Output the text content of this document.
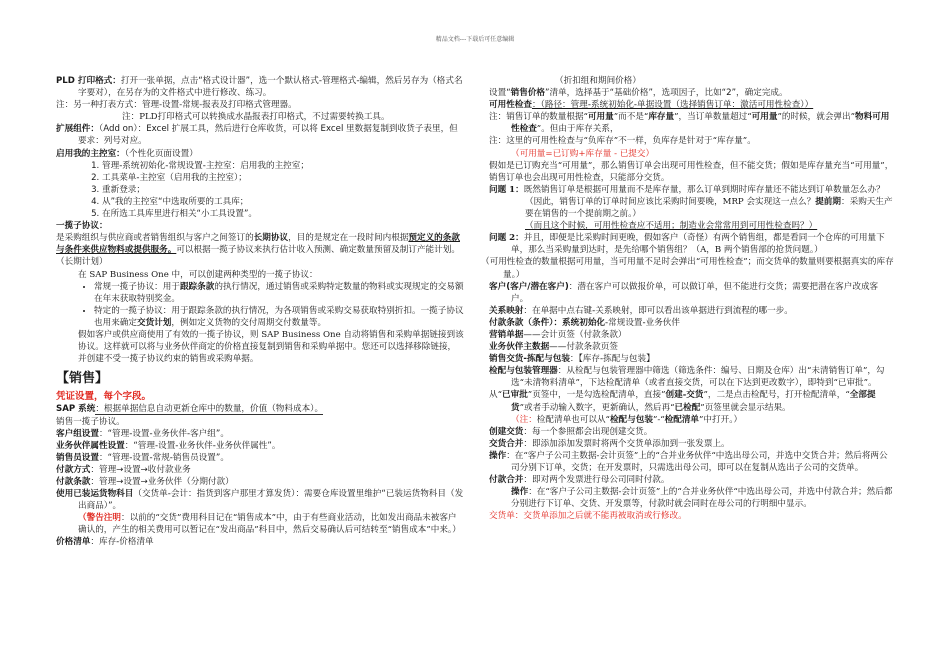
精品文档---下载后可任意编辑

PLD 打印格式：打开一张单据，点击“格式设计器”，选一个默认格式-管理格式-编辑，然后另存为（格式名字要对），在另存为的文件格式中进行修改、练习。

注：另一种打表方式：管理-设置-常规-报表及打印格式管理器。

注：PLD打印格式可以转换成水晶报表打印格式，不过需要转换工具。

扩展组件：（Add on）：Excel 扩展工具，然后进行仓库收货，可以将 Excel 里数据复制到收货子表里，但要求：列号对应。

启用我的主控室：（个性化页面设置）

1. 管理-系统初始化-常规设置-主控室：启用我的主控室；
2. 工具菜单-主控室（启用我的主控室）；
3. 重新登录；
4. 从”我的主控室“中选取所要的工具库；
5. 在所选工具库里进行相关“小工具设置”。

一揽子协议：

是采购组织与供应商或者销售组织与客户之间签订的长期协议，目的是规定在一段时间内根据预定义的条款与条件来供应物料或提供服务。可以根据一揽子协议来执行估计收入预测、确定数量预留及制订产能计划。（长期计划）

在 SAP Business One 中，可以创建两种类型的一揽子协议：

• 常规一揽子协议：用于跟踪条款的执行情况，通过销售或采购特定数量的物料或实现规定的交易额在年末获取特别奖金。
• 特定的一揽子协议：用于跟踪条款的执行情况，为各项销售或采购交易获取特别折扣。一揽子协议也用来确定交货计划，例如定义货物的交付周期交付数量等。

假如客户或供应商使用了有效的一揽子协议，则 SAP Business One 自动将销售和采购单据链接到该协议。这样就可以将与业务伙伴商定的价格直接复制到销售和采购单据中。您还可以选择移除链接，并创建不受一揽子协议约束的销售或采购单据。

【销售】

凭证设置，每个字段。

SAP 系统：根据单据信息自动更新仓库中的数量，价值（物料成本）。

销售一揽子协议。

客户组设置：“管理-设置-业务伙伴-客户组”。

业务伙伴属性设置：“管理-设置-业务伙伴-业务伙伴属性”。

销售员设置：“管理-设置-常规-销售员设置”。

付款方式：管理→设置→收付款业务

付款条款：管理→设置→业务伙伴（分期付款）

使用已装运货物科目（交货单-会计：指货到客户那里才算发货）：需要仓库设置里维护“已装运货物科目（发出商品）”。

（警告注明：以前的“交货”费用科目记在“销售成本”中，由于有些商业活动，比如发出商品未被客户确认的，产生的相关费用可以暂记在“发出商品”科目中，然后交易确认后可结转至“销售成本”中来。）

价格清单：库存-价格清单

（折扣组和期间价格）

设置“销售价格”清单，选择基于“基础价格”，选项因子，比如“2”，确定完成。

可用性检查：（路径：管理-系统初始化-单据设置（选择销售订单：激活可用性检查））

注：销售订单的数量根据“可用量”而不是“库存量”，当订单数量超过“可用量”的时候，就会弹出”物料可用性检查”。但由于库存关系，

注：这里的可用性检查与“负库存”不一样，负库存是针对于“库存量”。（可用量=已订购+库存量 - 已提交）

假如是已订购充当“可用量”，那么销售订单会出现可用性检查，但不能交货；假如是库存量充当“可用量”，销售订单也会出现可用性检查，只能部分交货。

问题 1：既然销售订单是根据可用量而不是库存量，那么订单到期时库存量还不能达到订单数量怎么办？

（因此，销售订单的订单时间应该比采购时间要晚，MRP 会实现这一点么？提前期：采购天生产要在销售的一个提前期之前。）

（而且这个时候，可用性检查应不适用；制造业会常常用到可用性检查吗？）

问题 2：并且，即便是比采购时间更晚，假如客户（奇怪）有两个销售组，都是看同一个仓库的可用量下单，那么当采购量到达时，是先给哪个销售组？（A，B 两个销售部的抢货问题。）

（可用性检查的数量根据可用量，当可用量不足时会弹出“可用性检查”；而交货单的数量则要根据真实的库存量。）

客户(客户/潜在客户)：潜在客户可以做报价单，可以做订单，但不能进行交货；需要把潜在客户改成客户。

关系映射：在单据中点右键-关系映射，即可以看出该单据进行到流程的哪一步。

付款条款（条件）：系统初始化-常规设置-业务伙伴

营销单据——会计页签（付款条款）

业务伙伴主数据——付款条款页签

销售交货-拣配与包装：【库存-拣配与包装】

检配与包装管理器：从检配与包装管理器中筛选（筛选条件：编号、日期及仓库）出“未清销售订单”，勾选“未清物料清单”，下达检配清单（或者直接交货，可以在下达到更改数字），即特到“已审批”。

从“已审批”页签中，一是勾选检配清单，直接”创建-交货”，二是点击检配号，打开检配清单，“全部提货”或者手动输入数字，更新确认，然后再“已检配”页签里就会显示结果。

（注：检配清单也可以从“检配与包装”-“检配清单”中打开。）

创建交货：每一个参照都会出现创建交货。

交货合并：即添加添加发票时将两个交货单添加到一张发票上。

操作：在“客户子公司主数据-会计页签”上的“合并业务伙伴“中选出母公司，并选中交货合并；然后将两公司分别下订单，交货；在开发票时，只需选出母公司，即可以在复制从选出子公司的交货单。

付款合并：即对两个发票进行母公司同时付款。

操作：在“客户子公司主数据-会计页签”上的“合并业务伙伴“中选出母公司，并选中付款合并；然后都分别进行下订单、交货、开发票等，付款时就会同时在母公司的行明细中显示。

交货单：交货单添加之后就不能再被取消或行修改。
